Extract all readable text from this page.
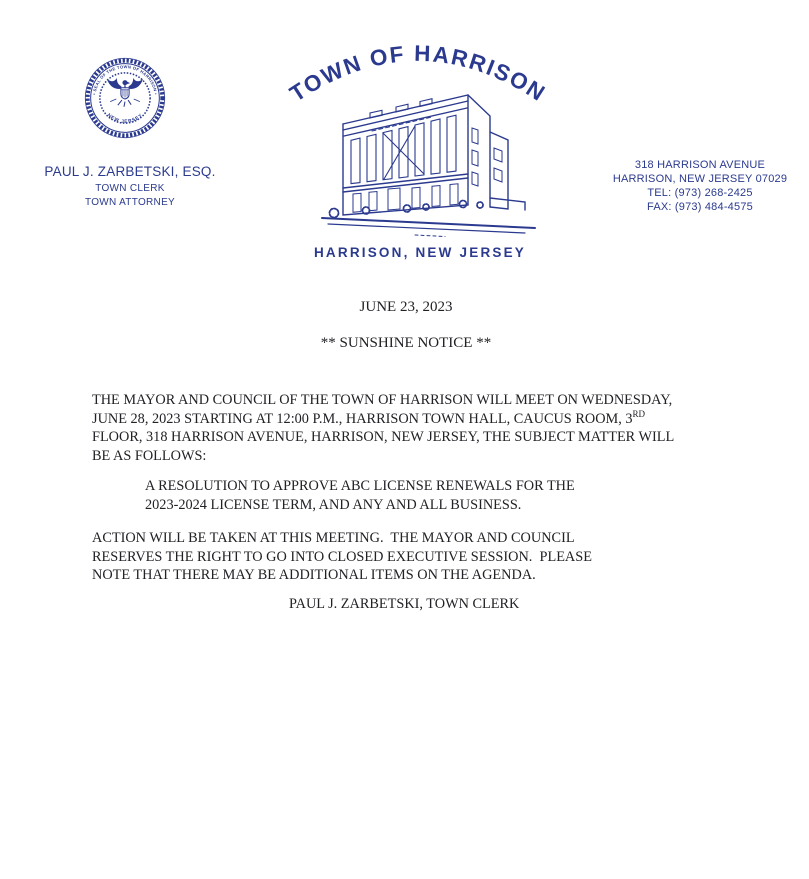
• SEAL OF THE TOWN OF HARRISON •
NEW JERSEY
TOWN OF HARRISON
PAUL J. ZARBETSKI, ESQ.
TOWN CLERK
TOWN ATTORNEY
318 HARRISON AVENUE
HARRISON, NEW JERSEY 07029
TEL: (973) 268-2425
FAX: (973) 484-4575
HARRISON, NEW JERSEY
JUNE 23, 2023
** SUNSHINE NOTICE **
THE MAYOR AND COUNCIL OF THE TOWN OF HARRISON WILL MEET ON WEDNESDAY,
JUNE 28, 2023 STARTING AT 12:00 P.M., HARRISON TOWN HALL, CAUCUS ROOM, 3RD
FLOOR, 318 HARRISON AVENUE, HARRISON, NEW JERSEY, THE SUBJECT MATTER WILL
BE AS FOLLOWS:
A RESOLUTION TO APPROVE ABC LICENSE RENEWALS FOR THE
2023-2024 LICENSE TERM, AND ANY AND ALL BUSINESS.
ACTION WILL BE TAKEN AT THIS MEETING.  THE MAYOR AND COUNCIL
RESERVES THE RIGHT TO GO INTO CLOSED EXECUTIVE SESSION.  PLEASE
NOTE THAT THERE MAY BE ADDITIONAL ITEMS ON THE AGENDA.
PAUL J. ZARBETSKI, TOWN CLERK
